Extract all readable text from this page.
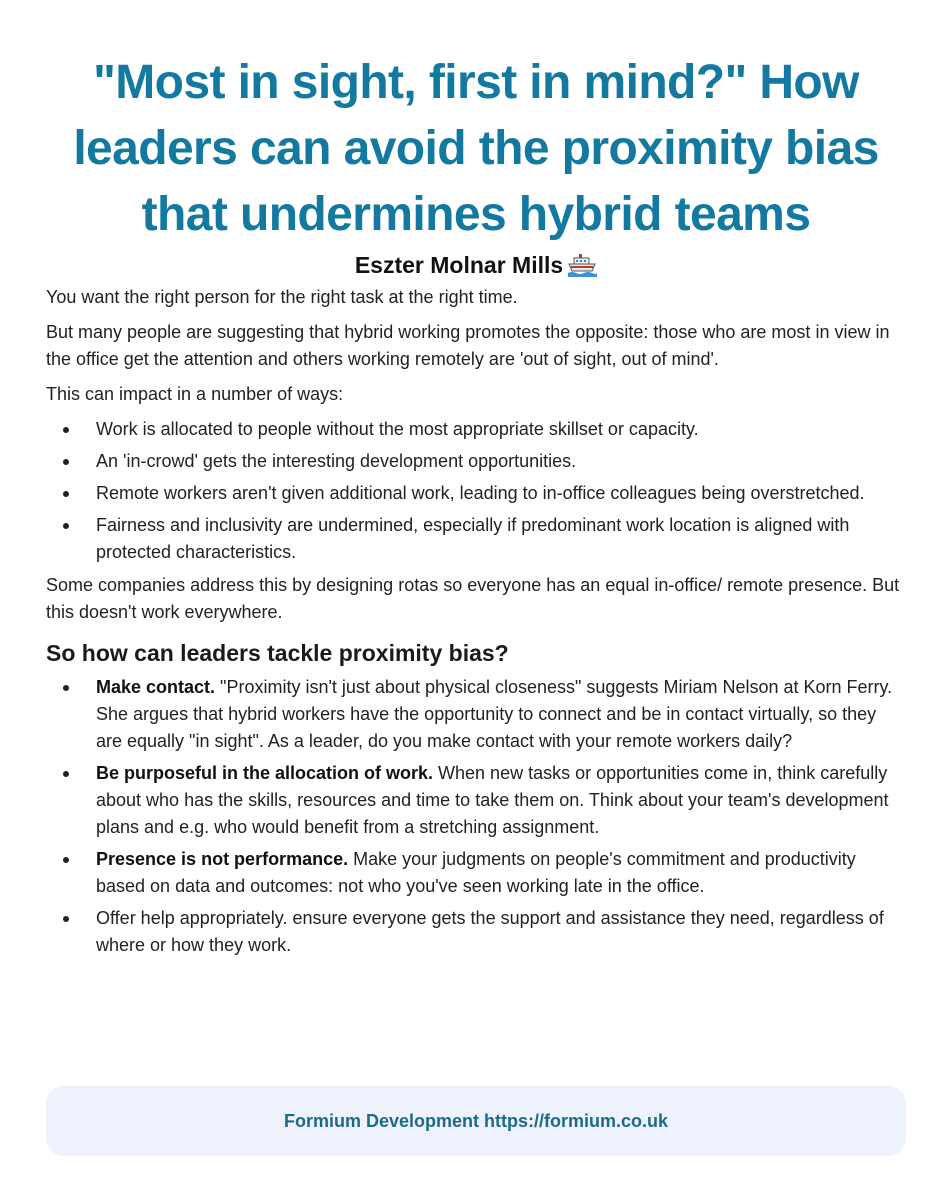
"Most in sight, first in mind?" How leaders can avoid the proximity bias that undermines hybrid teams
Eszter Molnar Mills

You want the right person for the right task at the right time.

But many people are suggesting that hybrid working promotes the opposite: those who are most in view in the office get the attention and others working remotely are 'out of sight, out of mind'.

This can impact in a number of ways:

Work is allocated to people without the most appropriate skillset or capacity.
An 'in-crowd' gets the interesting development opportunities.
Remote workers aren't given additional work, leading to in-office colleagues being overstretched.
Fairness and inclusivity are undermined, especially if predominant work location is aligned with protected characteristics.

Some companies address this by designing rotas so everyone has an equal in-office/ remote presence. But this doesn't work everywhere.

So how can leaders tackle proximity bias?
Make contact. "Proximity isn't just about physical closeness" suggests Miriam Nelson at Korn Ferry. She argues that hybrid workers have the opportunity to connect and be in contact virtually, so they are equally "in sight". As a leader, do you make contact with your remote workers daily?
Be purposeful in the allocation of work. When new tasks or opportunities come in, think carefully about who has the skills, resources and time to take them on. Think about your team's development plans and e.g. who would benefit from a stretching assignment.
Presence is not performance. Make your judgments on people's commitment and productivity based on data and outcomes: not who you've seen working late in the office.
Offer help appropriately. ensure everyone gets the support and assistance they need, regardless of where or how they work.
Formium Development https://formium.co.uk
